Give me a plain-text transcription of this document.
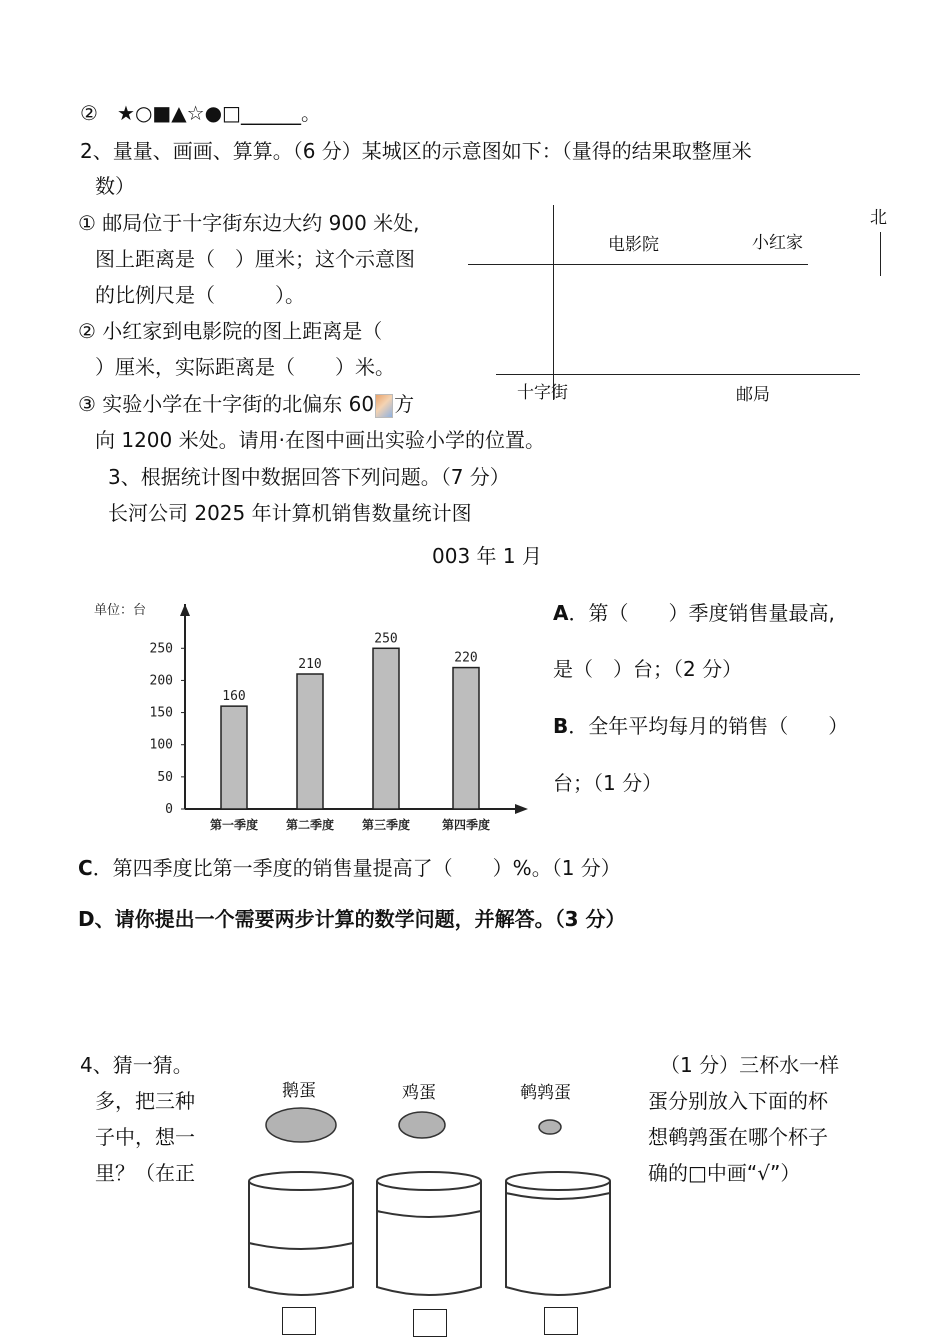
② ★○■▲☆●□______。
2、量量、画画、算算。（6 分）某城区的示意图如下：（量得的结果取整厘米
数）
① 邮局位于十字街东边大约 900 米处,
图上距离是（　）厘米；这个示意图
的比例尺是（　　　）。
② 小红家到电影院的图上距离是（
）厘米，实际距离是（　　）米。
③ 实验小学在十字街的北偏东 60 方
向 1200 米处。请用·在图中画出实验小学的位置。
电影院	小红家
十字街	邮局
北
3、根据统计图中数据回答下列问题。（7 分）
长河公司 2025 年计算机销售数量统计图
003 年 1 月
单位：台
0
50
100
150
200
250
160
第一季度
210
第二季度
250
第三季度
220
第四季度
A．第（　　）季度销售量最高,
是（　）台；（2 分）
B．全年平均每月的销售（　　）
台；（1 分）
C．第四季度比第一季度的销售量提高了（　　）%。（1 分）
D、请你提出一个需要两步计算的数学问题，并解答。（3 分）
4、猜一猜。
多，把三种
子中，想一
里？（在正
（1 分）三杯水一样
蛋分别放入下面的杯
想鹌鹑蛋在哪个杯子
确的□中画“√”）
鹅蛋	鸡蛋	鹌鹑蛋
